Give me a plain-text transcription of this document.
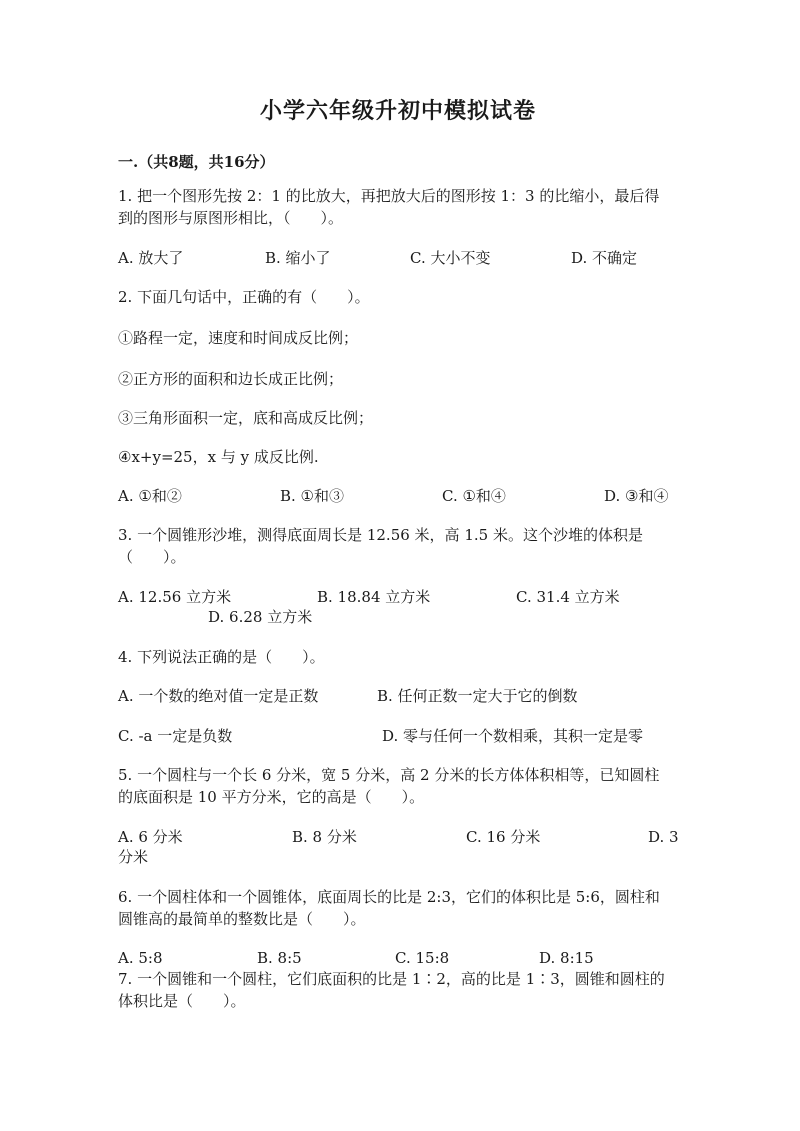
小学六年级升初中模拟试卷
一.（共8题，共16分）

1. 把一个图形先按 2：1 的比放大，再把放大后的图形按 1：3 的比缩小，最后得到的图形与原图形相比，（　　）。

A. 放大了	B. 缩小了	C. 大小不变	D. 不确定

2. 下面几句话中，正确的有（　　）。

①路程一定，速度和时间成反比例；
②正方形的面积和边长成正比例；
③三角形面积一定，底和高成反比例；
④x+y=25，x 与 y 成反比例.
A. ①和②	B. ①和③	C. ①和④	D. ③和④

3. 一个圆锥形沙堆，测得底面周长是 12.56 米，高 1.5 米。这个沙堆的体积是（　　）。

A. 12.56 立方米	B. 18.84 立方米	C. 31.4 立方米
D. 6.28 立方米

4. 下列说法正确的是（　　）。

A. 一个数的绝对值一定是正数	B. 任何正数一定大于它的倒数
C. -a 一定是负数	D. 零与任何一个数相乘，其积一定是零

5. 一个圆柱与一个长 6 分米，宽 5 分米，高 2 分米的长方体体积相等，已知圆柱的底面积是 10 平方分米，它的高是（　　）。

A. 6 分米	B. 8 分米	C. 16 分米	D. 3
分米

6. 一个圆柱体和一个圆锥体，底面周长的比是 2:3，它们的体积比是 5:6，圆柱和圆锥高的最简单的整数比是（　　）。

A. 5:8	B. 8:5	C. 15:8	D. 8:15

7. 一个圆锥和一个圆柱，它们底面积的比是 1∶2，高的比是 1∶3，圆锥和圆柱的体积比是（　　）。
